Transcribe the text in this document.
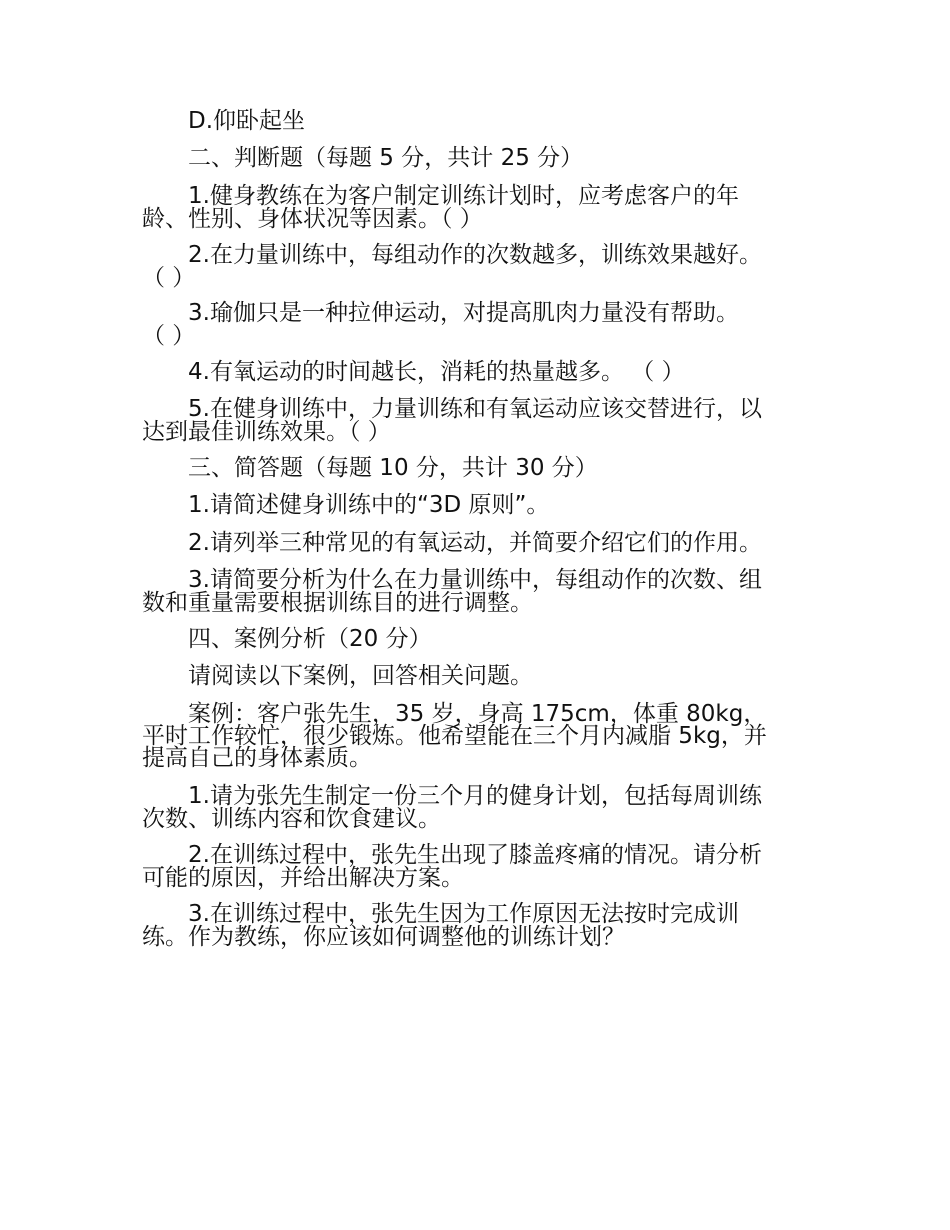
D.仰卧起坐
二、判断题（每题 5 分，共计 25 分）
1.健身教练在为客户制定训练计划时，应考虑客户的年
龄、性别、身体状况等因素。（ ）
2.在力量训练中，每组动作的次数越多，训练效果越好。
（ ）
3.瑜伽只是一种拉伸运动，对提高肌肉力量没有帮助。
（ ）
4.有氧运动的时间越长，消耗的热量越多。 （ ）
5.在健身训练中，力量训练和有氧运动应该交替进行，以
达到最佳训练效果。（ ）
三、简答题（每题 10 分，共计 30 分）
1.请简述健身训练中的“3D 原则”。
2.请列举三种常见的有氧运动，并简要介绍它们的作用。
3.请简要分析为什么在力量训练中，每组动作的次数、组
数和重量需要根据训练目的进行调整。
四、案例分析（20 分）
请阅读以下案例，回答相关问题。
案例：客户张先生，35 岁，身高 175cm，体重 80kg，
平时工作较忙，很少锻炼。他希望能在三个月内减脂 5kg，并
提高自己的身体素质。
1.请为张先生制定一份三个月的健身计划，包括每周训练
次数、训练内容和饮食建议。
2.在训练过程中，张先生出现了膝盖疼痛的情况。请分析
可能的原因，并给出解决方案。
3.在训练过程中，张先生因为工作原因无法按时完成训
练。作为教练，你应该如何调整他的训练计划？
